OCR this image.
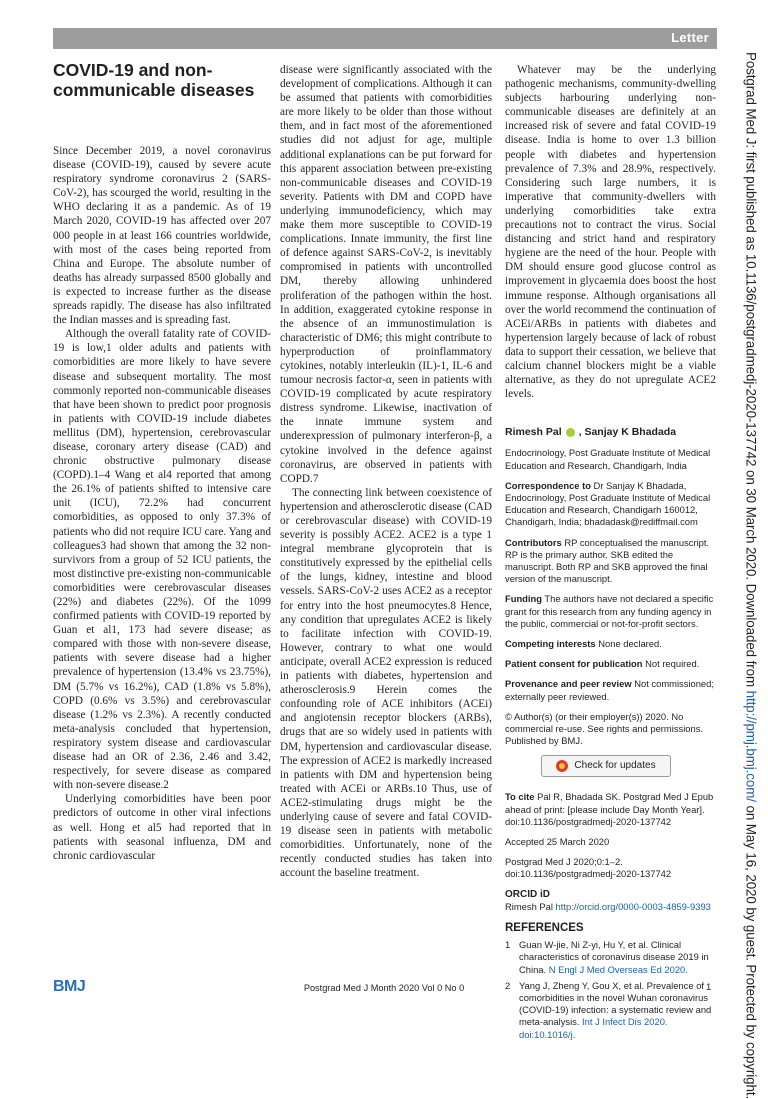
Letter
Postgrad Med J: first published as 10.1136/postgradmedj-2020-137742 on 30 March 2020. Downloaded from http://pmj.bmj.com/ on May 16, 2020 by guest. Protected by copyright.
COVID-19 and non-communicable diseases

Since December 2019, a novel coronavirus disease (COVID-19), caused by severe acute respiratory syndrome coronavirus 2 (SARS-CoV-2), has scourged the world, resulting in the WHO declaring it as a pandemic. As of 19 March 2020, COVID-19 has affected over 207 000 people in at least 166 countries worldwide, with most of the cases being reported from China and Europe. The absolute number of deaths has already surpassed 8500 globally and is expected to increase further as the disease spreads rapidly. The disease has also infiltrated the Indian masses and is spreading fast.

Although the overall fatality rate of COVID-19 is low,1 older adults and patients with comorbidities are more likely to have severe disease and subsequent mortality. The most commonly reported non-communicable diseases that have been shown to predict poor prognosis in patients with COVID-19 include diabetes mellitus (DM), hypertension, cerebrovascular disease, coronary artery disease (CAD) and chronic obstructive pulmonary disease (COPD).1–4 Wang et al4 reported that among the 26.1% of patients shifted to intensive care unit (ICU), 72.2% had concurrent comorbidities, as opposed to only 37.3% of patients who did not require ICU care. Yang and colleagues3 had shown that among the 32 non-survivors from a group of 52 ICU patients, the most distinctive pre-existing non-communicable comorbidities were cerebrovascular diseases (22%) and diabetes (22%). Of the 1099 confirmed patients with COVID-19 reported by Guan et al1, 173 had severe disease; as compared with those with non-severe disease, patients with severe disease had a higher prevalence of hypertension (13.4% vs 23.75%), DM (5.7% vs 16.2%), CAD (1.8% vs 5.8%), COPD (0.6% vs 3.5%) and cerebrovascular disease (1.2% vs 2.3%). A recently conducted meta-analysis concluded that hypertension, respiratory system disease and cardiovascular disease had an OR of 2.36, 2.46 and 3.42, respectively, for severe disease as compared with non-severe disease.2

Underlying comorbidities have been poor predictors of outcome in other viral infections as well. Hong et al5 had reported that in patients with seasonal influenza, DM and chronic cardiovascular

disease were significantly associated with the development of complications. Although it can be assumed that patients with comorbidities are more likely to be older than those without them, and in fact most of the aforementioned studies did not adjust for age, multiple additional explanations can be put forward for this apparent association between pre-existing non-communicable diseases and COVID-19 severity. Patients with DM and COPD have underlying immunodeficiency, which may make them more susceptible to COVID-19 complications. Innate immunity, the first line of defence against SARS-CoV-2, is inevitably compromised in patients with uncontrolled DM, thereby allowing unhindered proliferation of the pathogen within the host. In addition, exaggerated cytokine response in the absence of an immunostimulation is characteristic of DM6; this might contribute to hyperproduction of proinflammatory cytokines, notably interleukin (IL)-1, IL-6 and tumour necrosis factor-α, seen in patients with COVID-19 complicated by acute respiratory distress syndrome. Likewise, inactivation of the innate immune system and underexpression of pulmonary interferon-β, a cytokine involved in the defence against coronavirus, are observed in patients with COPD.7

The connecting link between coexistence of hypertension and atherosclerotic disease (CAD or cerebrovascular disease) with COVID-19 severity is possibly ACE2. ACE2 is a type 1 integral membrane glycoprotein that is constitutively expressed by the epithelial cells of the lungs, kidney, intestine and blood vessels. SARS-CoV-2 uses ACE2 as a receptor for entry into the host pneumocytes.8 Hence, any condition that upregulates ACE2 is likely to facilitate infection with COVID-19. However, contrary to what one would anticipate, overall ACE2 expression is reduced in patients with diabetes, hypertension and atherosclerosis.9 Herein comes the confounding role of ACE inhibitors (ACEi) and angiotensin receptor blockers (ARBs), drugs that are so widely used in patients with DM, hypertension and cardiovascular disease. The expression of ACE2 is markedly increased in patients with DM and hypertension being treated with ACEi or ARBs.10 Thus, use of ACE2-stimulating drugs might be the underlying cause of severe and fatal COVID-19 disease seen in patients with metabolic comorbidities. Unfortunately, none of the recently conducted studies has taken into account the baseline treatment.

Whatever may be the underlying pathogenic mechanisms, community-dwelling subjects harbouring underlying non-communicable diseases are definitely at an increased risk of severe and fatal COVID-19 disease. India is home to over 1.3 billion people with diabetes and hypertension prevalence of 7.3% and 28.9%, respectively. Considering such large numbers, it is imperative that community-dwellers with underlying comorbidities take extra precautions not to contract the virus. Social distancing and strict hand and respiratory hygiene are the need of the hour. People with DM should ensure good glucose control as improvement in glycaemia does boost the host immune response. Although organisations all over the world recommend the continuation of ACEi/ARBs in patients with diabetes and hypertension largely because of lack of robust data to support their cessation, we believe that calcium channel blockers might be a viable alternative, as they do not upregulate ACE2 levels.

Rimesh Pal , Sanjay K Bhadada
Endocrinology, Post Graduate Institute of Medical Education and Research, Chandigarh, India
Correspondence to Dr Sanjay K Bhadada, Endocrinology, Post Graduate Institute of Medical Education and Research, Chandigarh 160012, Chandigarh, India; bhadadask@rediffmail.com
Contributors RP conceptualised the manuscript. RP is the primary author. SKB edited the manuscript. Both RP and SKB approved the final version of the manuscript.
Funding The authors have not declared a specific grant for this research from any funding agency in the public, commercial or not-for-profit sectors.
Competing interests None declared.
Patient consent for publication Not required.
Provenance and peer review Not commissioned; externally peer reviewed.
© Author(s) (or their employer(s)) 2020. No commercial re-use. See rights and permissions. Published by BMJ.
Check for updates
To cite Pal R, Bhadada SK. Postgrad Med J Epub ahead of print: [please include Day Month Year]. doi:10.1136/postgradmedj-2020-137742
Accepted 25 March 2020
Postgrad Med J 2020;0:1–2.
doi:10.1136/postgradmedj-2020-137742
ORCID iD
Rimesh Pal http://orcid.org/0000-0003-4859-9393
REFERENCES
1 Guan W-jie, Ni Z-yi, Hu Y, et al. Clinical characteristics of coronavirus disease 2019 in China. N Engl J Med Overseas Ed 2020.
2 Yang J, Zheng Y, Gou X, et al. Prevalence of comorbidities in the novel Wuhan coronavirus (COVID-19) infection: a systematic review and meta-analysis. Int J Infect Dis 2020. doi:10.1016/j.
BMJ	Postgrad Med J Month 2020 Vol 0 No 0	1
